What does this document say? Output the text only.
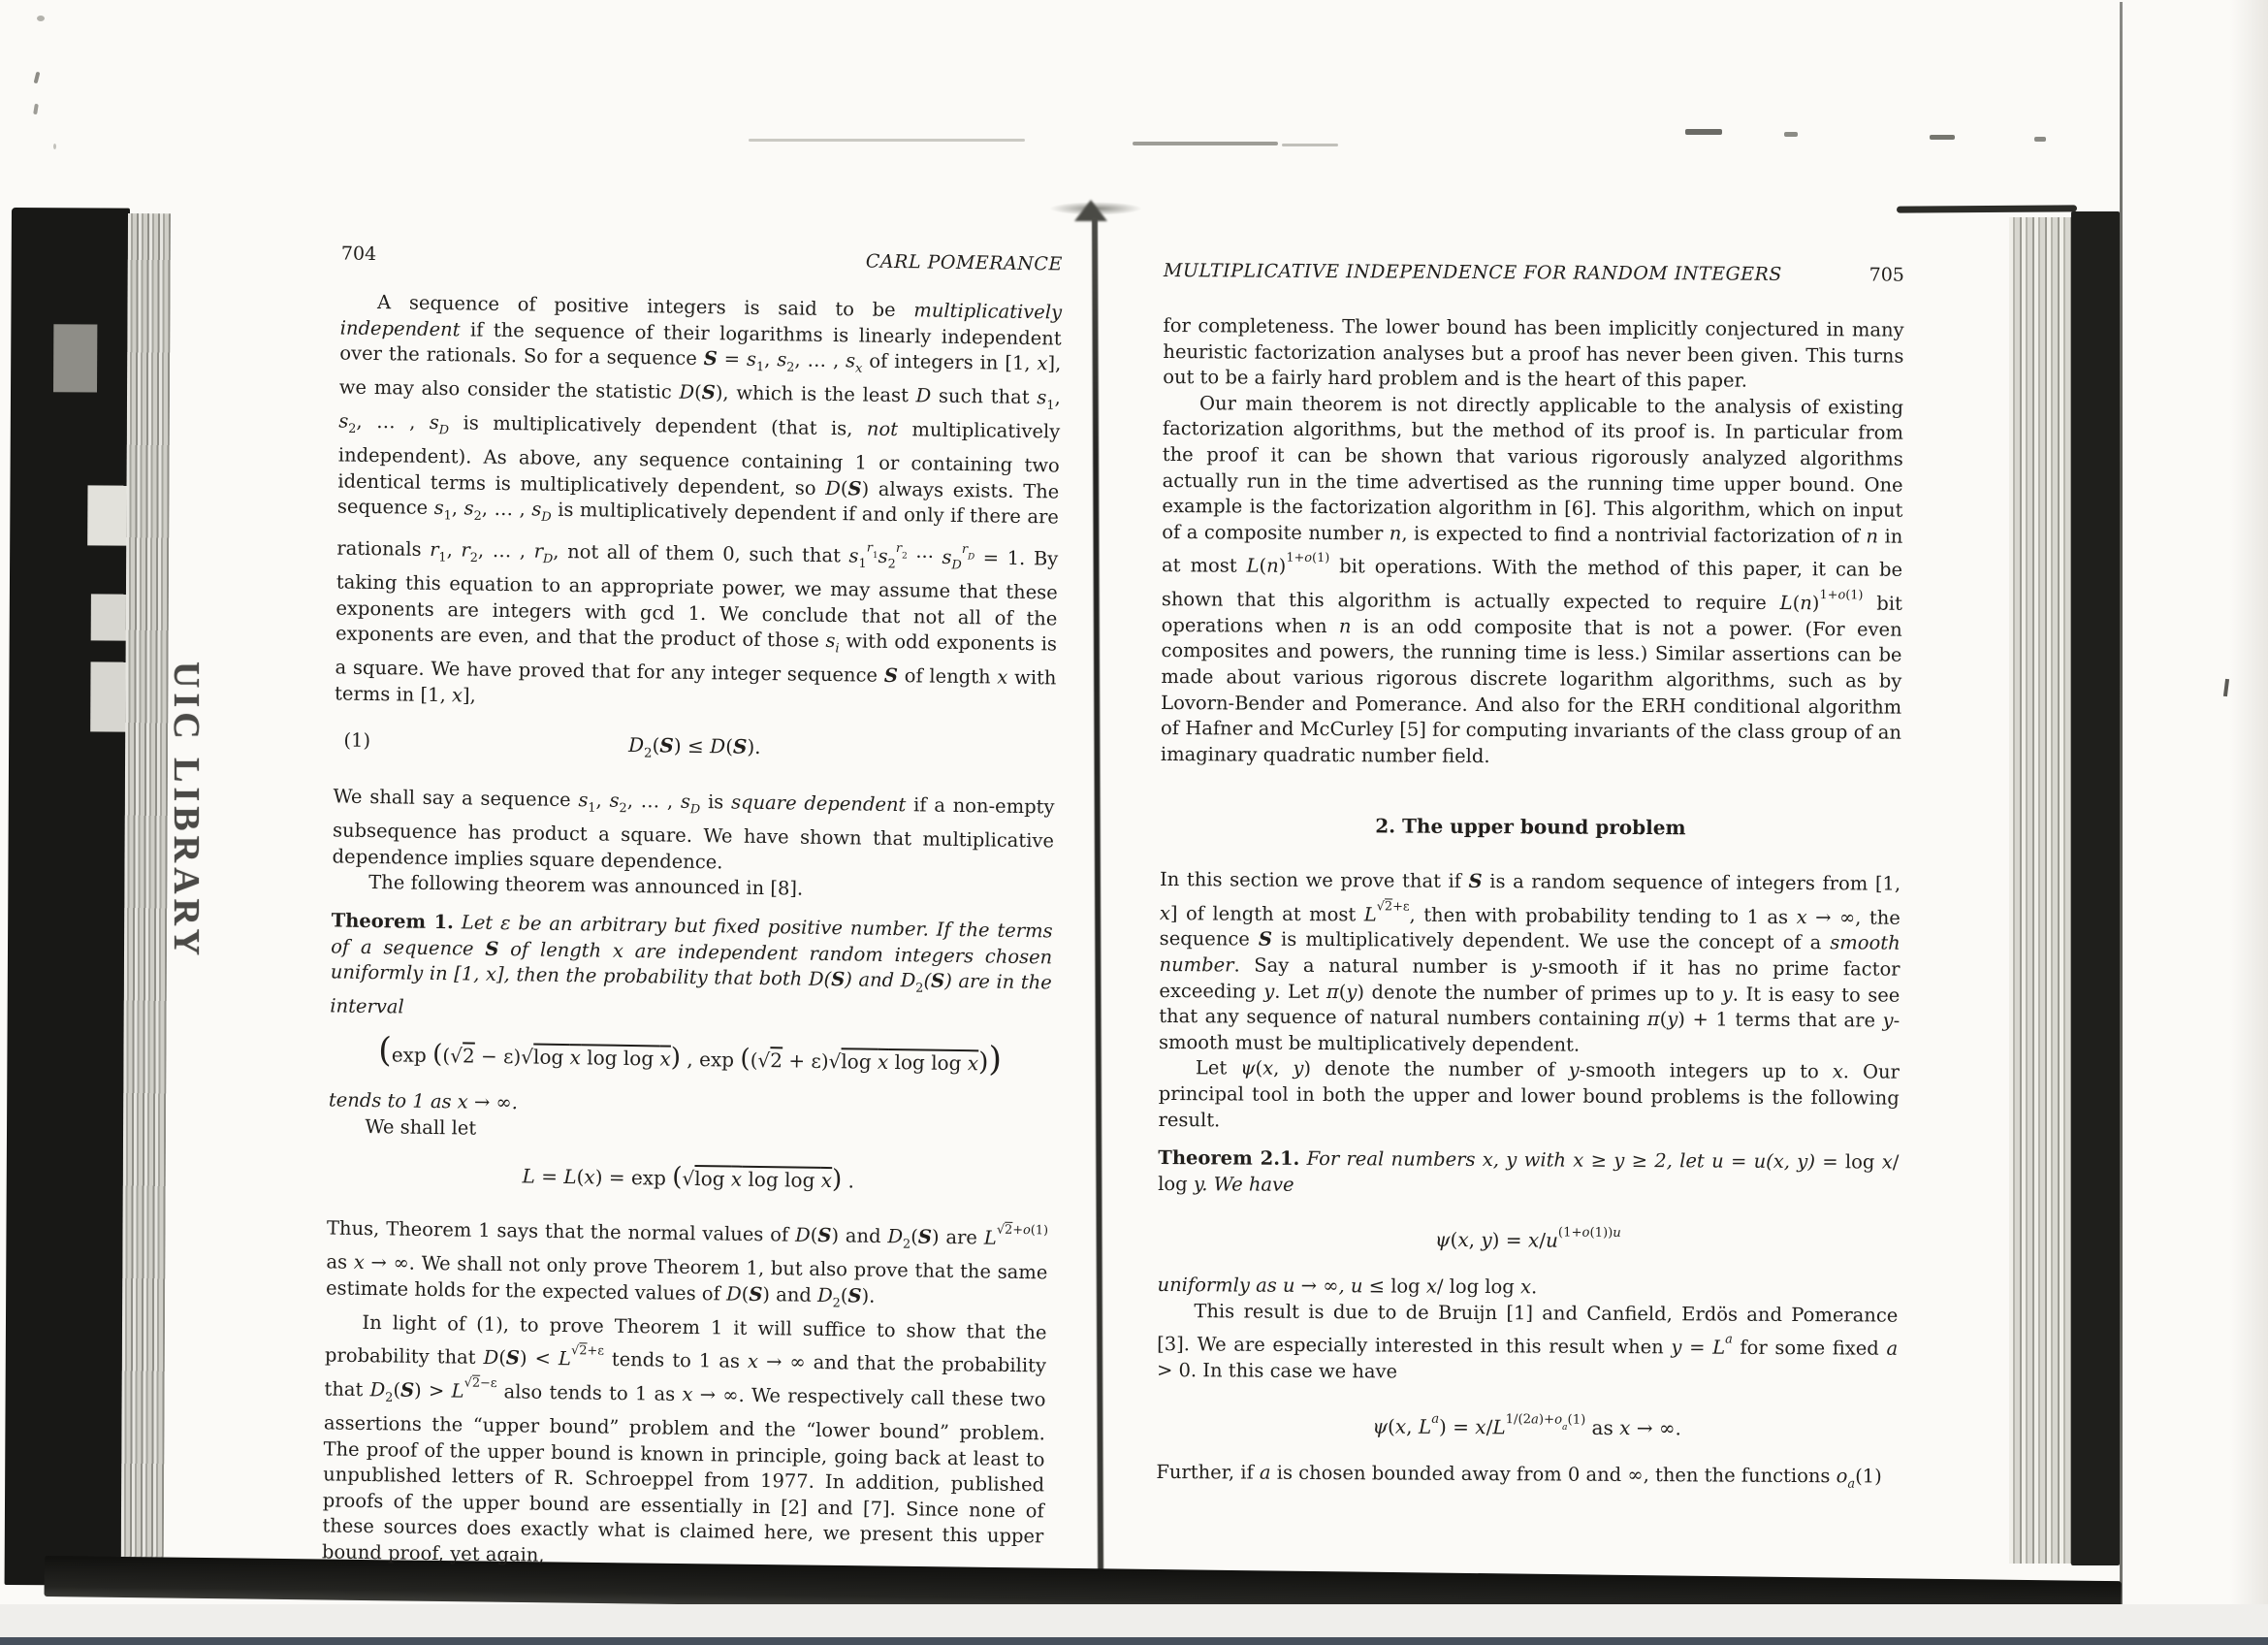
UIC LIBRARY
704	CARL POMERANCE
A sequence of positive integers is said to be multiplicatively independent if the sequence of their logarithms is linearly independent over the rationals. So for a sequence $S = s_1$, $s_2$, … , $s_x$ of integers in [1, x], we may also consider the statistic D(S), which is the least D such that $s_1$, $s_2$, … , $s_D$ is multiplicatively dependent (that is, not multiplicatively independent). As above, any sequence containing 1 or containing two identical terms is multiplicatively dependent, so D(S) always exists. The sequence $s_1$, $s_2$, … , $s_D$ is multiplicatively dependent if and only if there are rationals $r_1$, $r_2$, … , $r_D$, not all of them 0, such that $s_1^{r1}s_2^{r2}$ ··· $s_D^{rD} = 1$. By taking this equation to an appropriate power, we may assume that these exponents are integers with gcd 1. We conclude that not all of the exponents are even, and that the product of those $s_i$ with odd exponents is a square. We have proved that for any integer sequence S of length x with terms in [1, x],
(1)	$D_2(S) \le D(S)$.
We shall say a sequence $s_1$, $s_2$, … , $s_D$ is square dependent if a non-empty subsequence has product a square. We have shown that multiplicative dependence implies square dependence.
The following theorem was announced in [8].
Theorem 1. Let ε be an arbitrary but fixed positive number. If the terms of a sequence S of length x are independent random integers chosen uniformly in [1, x], then the probability that both D(S) and $D_2(S)$ are in the interval
(exp ((√2 − ε)√log $\overline{x}$ $\log \log \overline{x}$) , exp ((√2 + ε)√log $\overline{x}$ $\log \log \overline{x}$))
tends to 1 as x → ∞.
We shall let
L = L(x) = exp (√log $\overline{x}$ $\log \log \overline{x}$) .
Thus, Theorem 1 says that the normal values of D(S) and $D_2(S)$ are $L^{√2+o(1)}$ as x → ∞. We shall not only prove Theorem 1, but also prove that the same estimate holds for the expected values of D(S) and $D_2(S)$.
In light of (1), to prove Theorem 1 it will suffice to show that the probability that $D(S) < L^{√2+\varepsilon}$ tends to 1 as x → ∞ and that the probability that $D_2(S) > L^{√2-\varepsilon}$ also tends to 1 as x → ∞. We respectively call these two assertions the “upper bound” problem and the “lower bound” problem. The proof of the upper bound is known in principle, going back at least to unpublished letters of R. Schroeppel from 1977. In addition, published proofs of the upper bound are essentially in [2] and [7]. Since none of these sources does exactly what is claimed here, we present this upper bound proof, yet again,
MULTIPLICATIVE INDEPENDENCE FOR RANDOM INTEGERS	705
for completeness. The lower bound has been implicitly conjectured in many heuristic factorization analyses but a proof has never been given. This turns out to be a fairly hard problem and is the heart of this paper.
Our main theorem is not directly applicable to the analysis of existing factorization algorithms, but the method of its proof is. In particular from the proof it can be shown that various rigorously analyzed algorithms actually run in the time advertised as the running time upper bound. One example is the factorization algorithm in [6]. This algorithm, which on input of a composite number n, is expected to find a nontrivial factorization of n in at most $L(n)^{1+o(1)}$ bit operations. With the method of this paper, it can be shown that this algorithm is actually expected to require $L(n)^{1+o(1)}$ bit operations when n is an odd composite that is not a power. (For even composites and powers, the running time is less.) Similar assertions can be made about various rigorous discrete logarithm algorithms, such as by Lovorn-Bender and Pomerance. And also for the ERH conditional algorithm of Hafner and McCurley [5] for computing invariants of the class group of an imaginary quadratic number field.
2. The upper bound problem
In this section we prove that if S is a random sequence of integers from [1, x] of length at most $L^{√2+\varepsilon}$, then with probability tending to 1 as x → ∞, the sequence S is multiplicatively dependent. We use the concept of a smooth number. Say a natural number is y-smooth if it has no prime factor exceeding y. Let π(y) denote the number of primes up to y. It is easy to see that any sequence of natural numbers containing π(y) + 1 terms that are y-smooth must be multiplicatively dependent.
Let ψ(x, y) denote the number of y-smooth integers up to x. Our principal tool in both the upper and lower bound problems is the following result.
Theorem 2.1. For real numbers x, y with x ≥ y ≥ 2, let u = u(x, y) = log x/ log y. We have
ψ(x, $y) = x/u^{(1+o(1))u}$
uniformly as u → ∞, u ≤ log x/ log log x.
This result is due to de Bruijn [1] and Canfield, Erdös and Pomerance [3]. We are especially interested in this result when $y = L^a$ for some fixed a > 0. In this case we have
ψ(x, $L^a) = x/L^{1/(2a)+oa(1)}$ as x → ∞.
Further, if a is chosen bounded away from 0 and ∞, then the functions $o_a(1)$
